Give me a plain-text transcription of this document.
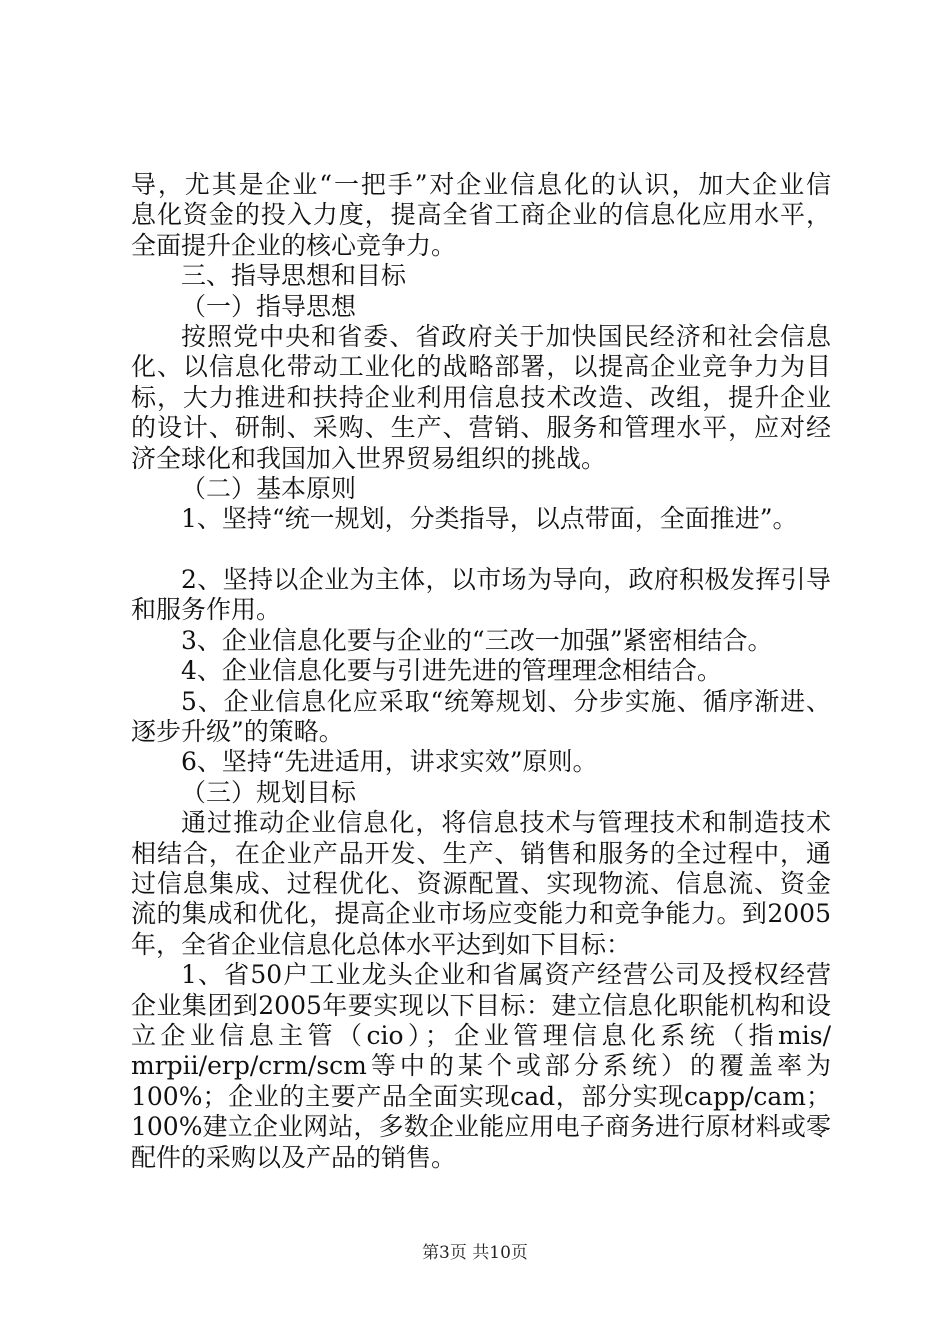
导，尤其是企业“一把手”对企业信息化的认识，加大企业信
息化资金的投入力度，提高全省工商企业的信息化应用水平，
全面提升企业的核心竞争力。
三、指导思想和目标
（一）指导思想
按照党中央和省委、省政府关于加快国民经济和社会信息
化、以信息化带动工业化的战略部署，以提高企业竞争力为目
标，大力推进和扶持企业利用信息技术改造、改组，提升企业
的设计、研制、采购、生产、营销、服务和管理水平，应对经
济全球化和我国加入世界贸易组织的挑战。
（二）基本原则
1、坚持“统一规划，分类指导，以点带面，全面推进”。
2、坚持以企业为主体，以市场为导向，政府积极发挥引导
和服务作用。
3、企业信息化要与企业的“三改一加强”紧密相结合。
4、企业信息化要与引进先进的管理理念相结合。
5、企业信息化应采取“统筹规划、分步实施、循序渐进、
逐步升级”的策略。
6、坚持“先进适用，讲求实效”原则。
（三）规划目标
通过推动企业信息化，将信息技术与管理技术和制造技术
相结合，在企业产品开发、生产、销售和服务的全过程中，通
过信息集成、过程优化、资源配置、实现物流、信息流、资金
流的集成和优化，提高企业市场应变能力和竞争能力。到2005
年，全省企业信息化总体水平达到如下目标：
1、省50户工业龙头企业和省属资产经营公司及授权经营
企业集团到2005年要实现以下目标：建立信息化职能机构和设
立企业信息主管（cio）；企业管理信息化系统（指mis/
mrpii/erp/crm/scm等中的某个或部分系统）的覆盖率为
100%；企业的主要产品全面实现cad，部分实现capp/cam；
100%建立企业网站，多数企业能应用电子商务进行原材料或零
配件的采购以及产品的销售。
第3页 共10页
